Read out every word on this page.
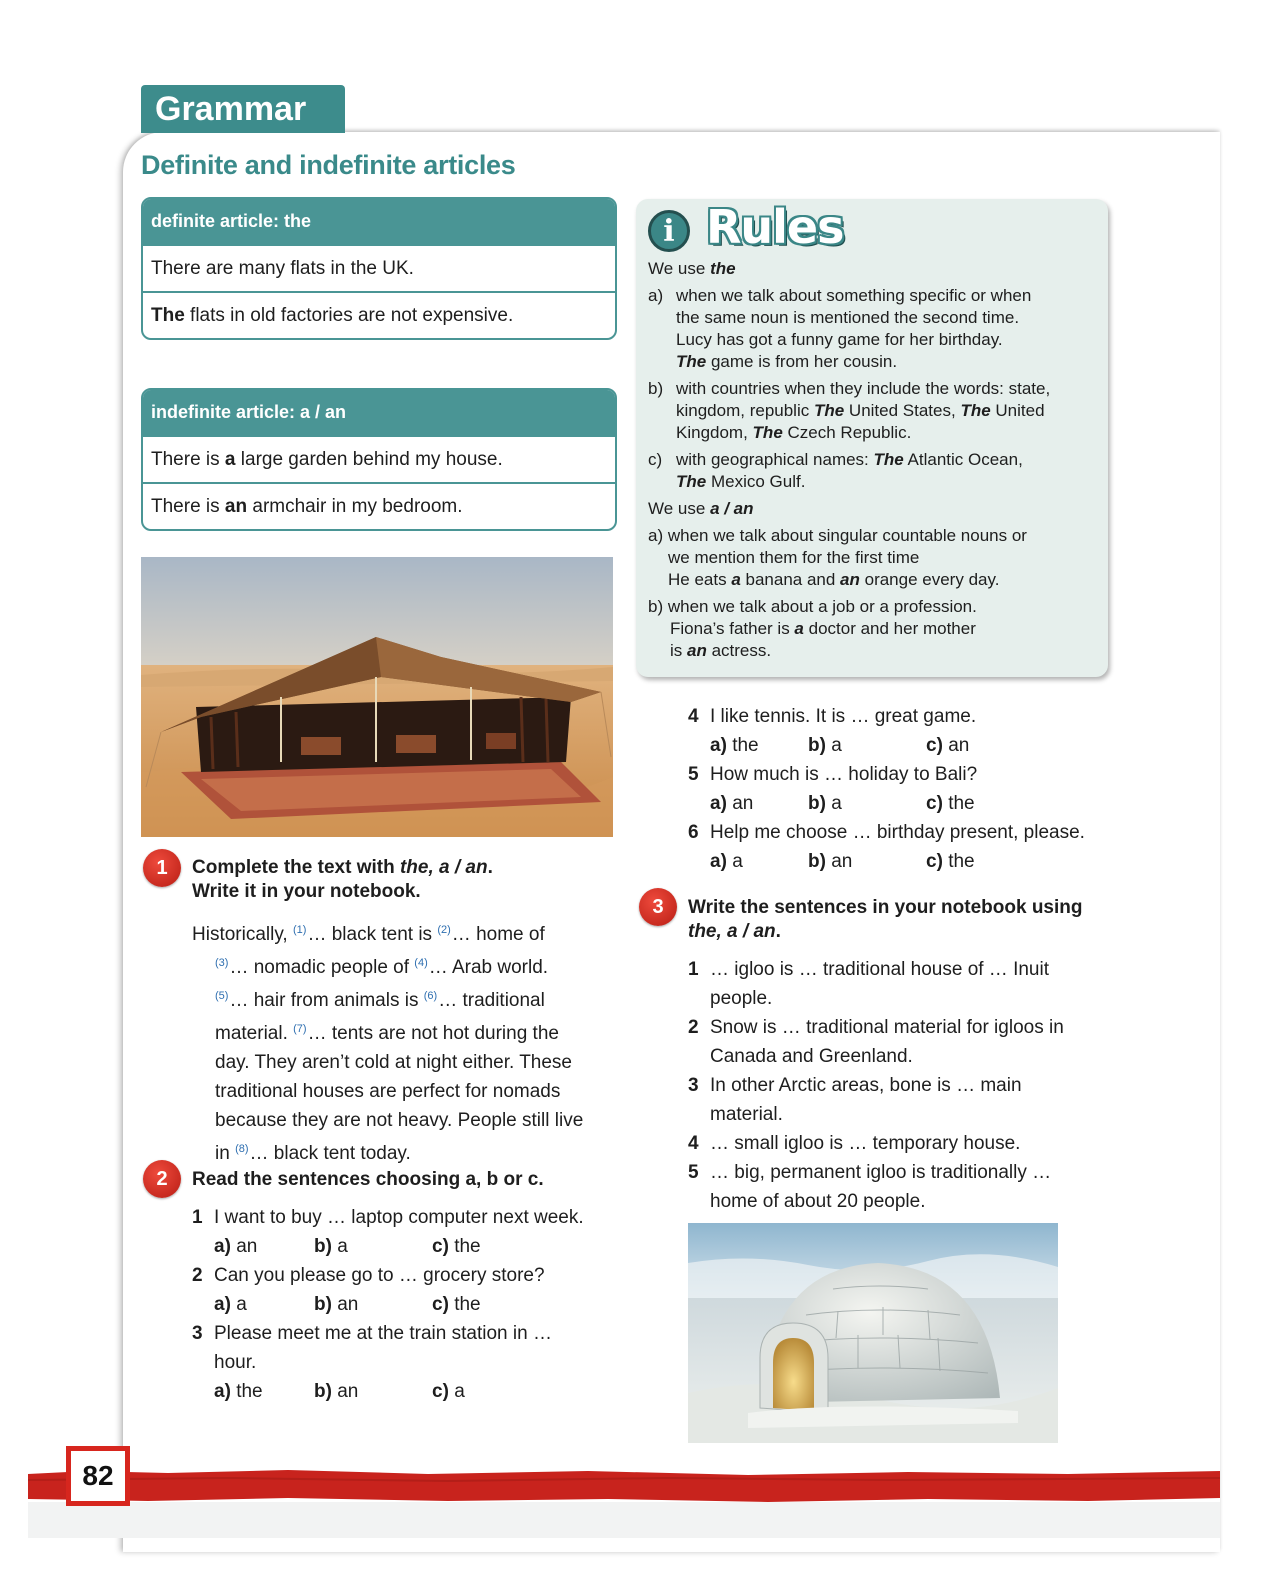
Grammar
Definite and indefinite articles
definite article: the
There are many flats in the UK.
The flats in old factories are not expensive.
indefinite article: a / an
There is a large garden behind my house.
There is an armchair in my bedroom.
1	Complete the text with the, a / an.
Write it in your notebook.
Historically, $^{(1)}$… black tent is $^{(2)}$… home of
$^{(3)}$… nomadic people of $^{(4)}$… Arab world.
$^{(5)}$… hair from animals is $^{(6)}$… traditional
material. $^{(7)}$… tents are not hot during the
day. They aren’t cold at night either. These
traditional houses are perfect for nomads
because they are not heavy. People still live
in $^{(8)}$… black tent today.
2	Read the sentences choosing a, b or c.
1 I want to buy … laptop computer next week.
a) an	b) a	c) the
2 Can you please go to … grocery store?
a) a	b) an	c) the
3 Please meet me at the train station in …
hour.
a) the	b) an	c) a
i Rules
We use the
a) when we talk about something specific or when
the same noun is mentioned the second time.
Lucy has got a funny game for her birthday.
The game is from her cousin.
b) with countries when they include the words: state,
kingdom, republic The United States, The United
Kingdom, The Czech Republic.
c) with geographical names: The Atlantic Ocean,
The Mexico Gulf.
We use a / an
a) when we talk about singular countable nouns or
we mention them for the first time
He eats a banana and an orange every day.
b) when we talk about a job or a profession.
Fiona’s father is a doctor and her mother
is an actress.
4 I like tennis. It is … great game.
a) the	b) a	c) an
5 How much is … holiday to Bali?
a) an	b) a	c) the
6 Help me choose … birthday present, please.
a) a	b) an	c) the
3	Write the sentences in your notebook using
the, a / an.
1 … igloo is … traditional house of … Inuit
people.
2 Snow is … traditional material for igloos in
Canada and Greenland.
3 In other Arctic areas, bone is … main
material.
4 … small igloo is … temporary house.
5 … big, permanent igloo is traditionally …
home of about 20 people.
82
